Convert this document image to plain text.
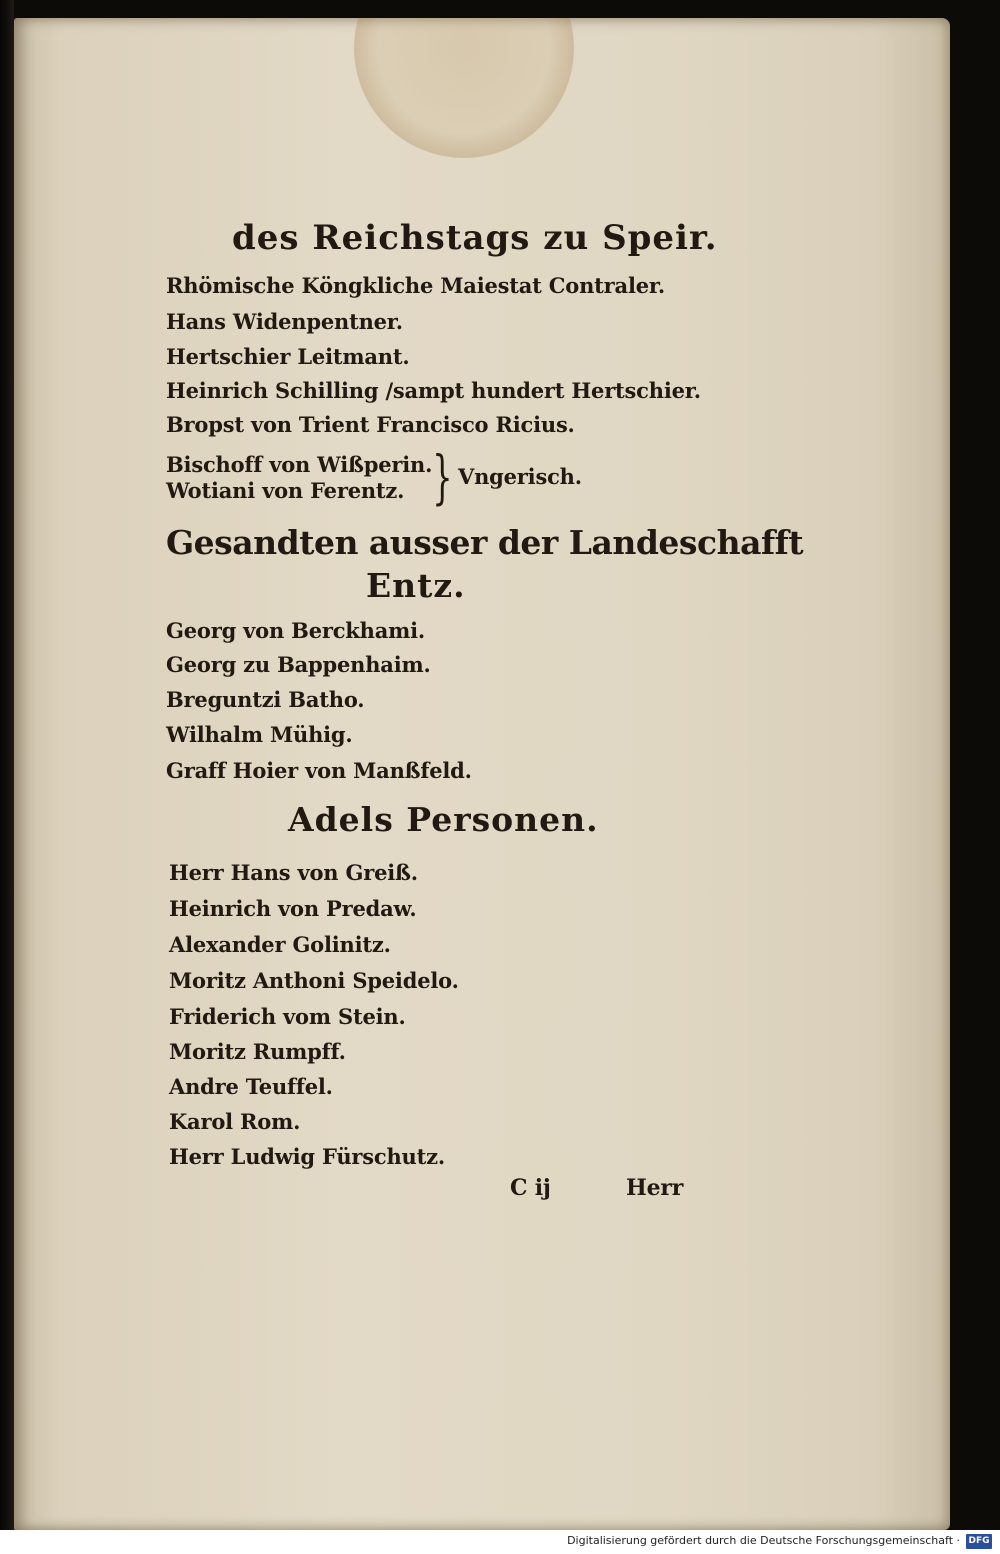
des Reichstags zu Speir.
Rhömische Köngkliche Maiestat Contraler.
Hans Widenpentner.
Hertschier Leitmant.
Heinrich Schilling /sampt hundert Hertschier.
Bropst von Trient Francisco Ricius.
Bischoff von Wißperin.
Wotiani von Ferentz. } Vngerisch.
Gesandten ausser der Landeschafft
Entz.
Georg von Berckhami.
Georg zu Bappenhaim.
Breguntzi Batho.
Wilhalm Mühig.
Graff Hoier von Manßfeld.
Adels Personen.
Herr Hans von Greiß.
Heinrich von Predaw.
Alexander Golinitz.
Moritz Anthoni Speidelo.
Friderich vom Stein.
Moritz Rumpff.
Andre Teuffel.
Karol Rom.
Herr Ludwig Fürschutz.
C ij	Herr
Digitalisierung gefördert durch die Deutsche Forschungsgemeinschaft · DFG
